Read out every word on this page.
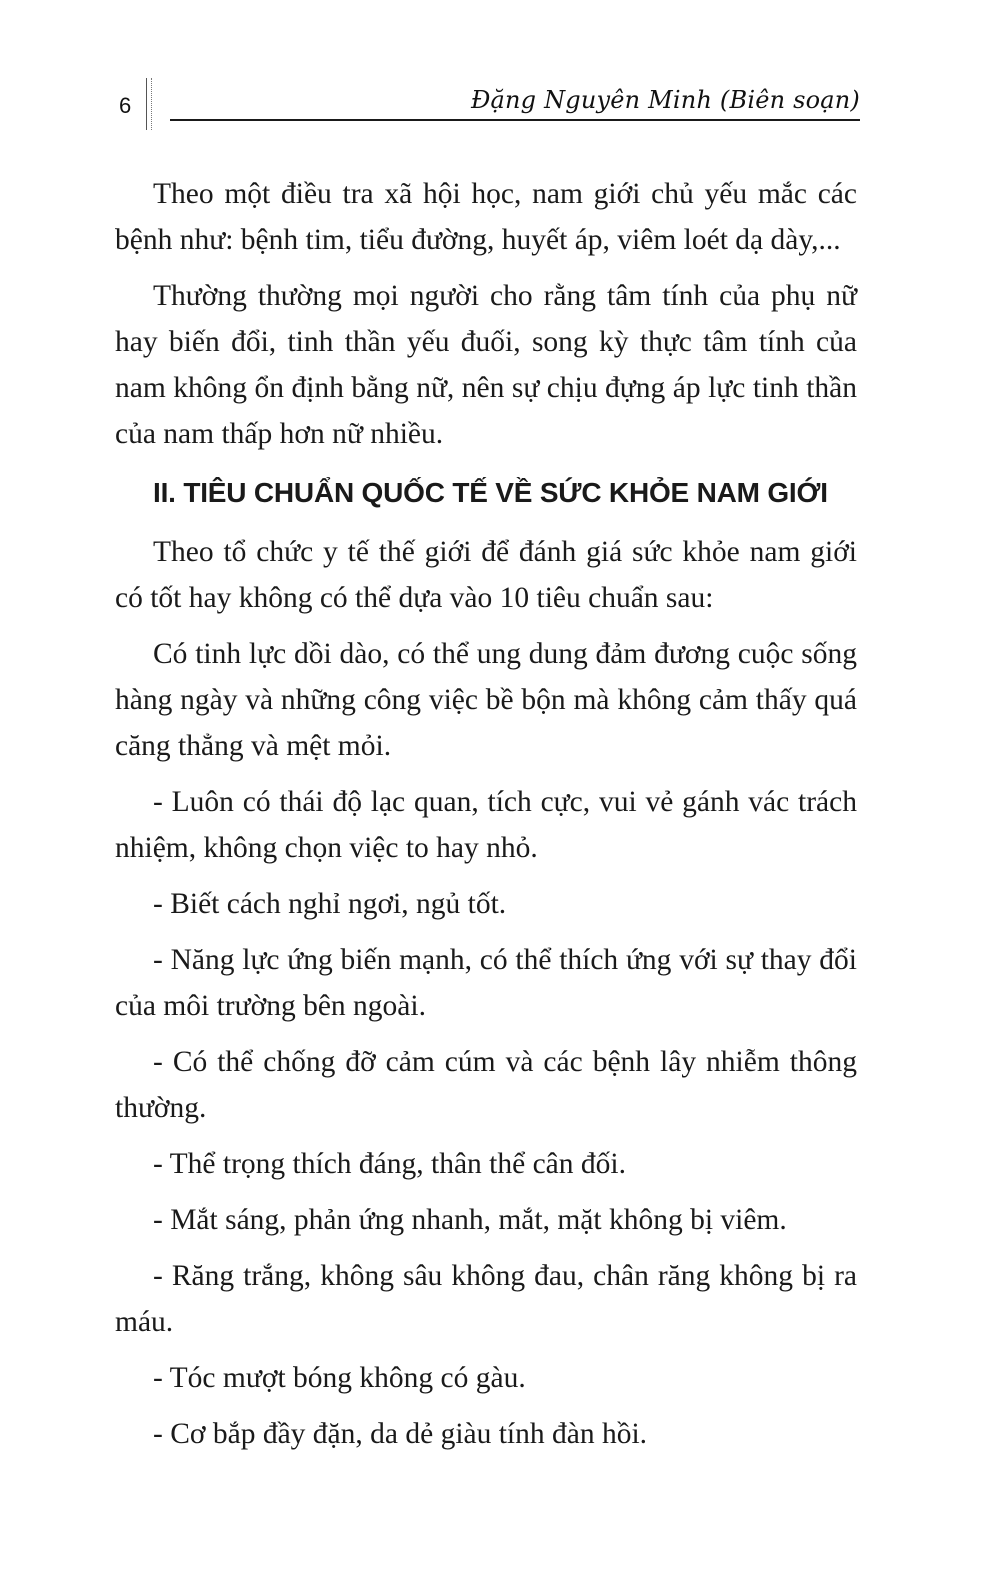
6	Đặng Nguyên Minh (Biên soạn)

Theo một điều tra xã hội học, nam giới chủ yếu mắc các bệnh như: bệnh tim, tiểu đường, huyết áp, viêm loét dạ dày,...

Thường thường mọi người cho rằng tâm tính của phụ nữ hay biến đổi, tinh thần yếu đuối, song kỳ thực tâm tính của nam không ổn định bằng nữ, nên sự chịu đựng áp lực tinh thần của nam thấp hơn nữ nhiều.

II. TIÊU CHUẨN QUỐC TẾ VỀ SỨC KHỎE NAM GIỚI

Theo tổ chức y tế thế giới để đánh giá sức khỏe nam giới có tốt hay không có thể dựa vào 10 tiêu chuẩn sau:

Có tinh lực dồi dào, có thể ung dung đảm đương cuộc sống hàng ngày và những công việc bề bộn mà không cảm thấy quá căng thẳng và mệt mỏi.

- Luôn có thái độ lạc quan, tích cực, vui vẻ gánh vác trách nhiệm, không chọn việc to hay nhỏ.

- Biết cách nghỉ ngơi, ngủ tốt.

- Năng lực ứng biến mạnh, có thể thích ứng với sự thay đổi của môi trường bên ngoài.

- Có thể chống đỡ cảm cúm và các bệnh lây nhiễm thông thường.

- Thể trọng thích đáng, thân thể cân đối.

- Mắt sáng, phản ứng nhanh, mắt, mặt không bị viêm.

- Răng trắng, không sâu không đau, chân răng không bị ra máu.

- Tóc mượt bóng không có gàu.

- Cơ bắp đầy đặn, da dẻ giàu tính đàn hồi.
